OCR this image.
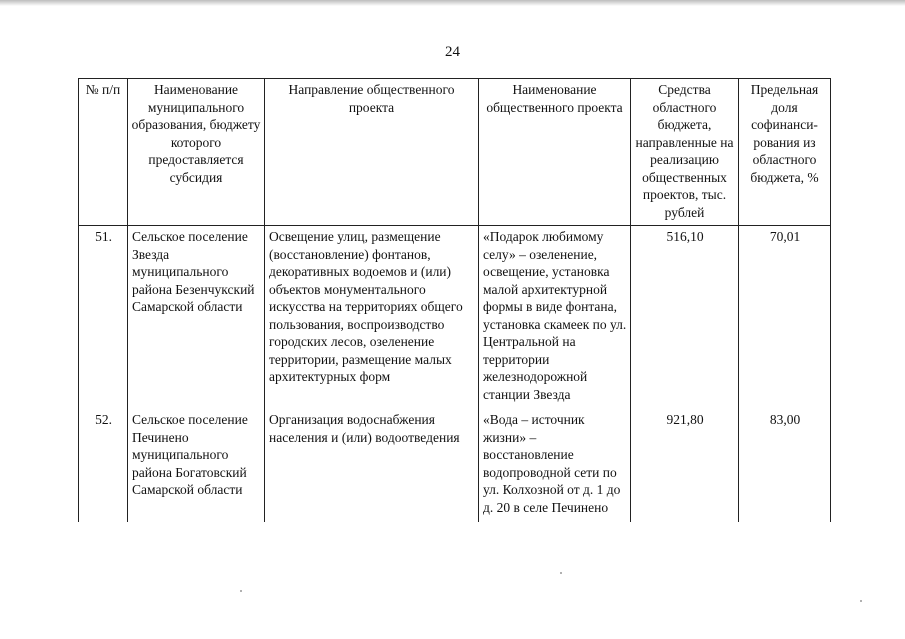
24
№ п/п	Наименование муниципального образования, бюджету которого предоставляется субсидия	Направление общественного проекта	Наименование общественного проекта	Средства областного бюджета, направленные на реализацию общественных проектов, тыс. рублей	Предельная доля софинанси-рования из областного бюджета, %
51.	Сельское поселение Звезда муниципального района Безенчукский Самарской области	Освещение улиц, размещение (восстановление) фонтанов, декоративных водоемов и (или) объектов монументального искусства на территориях общего пользования, воспроизводство городских лесов, озеленение территории, размещение малых архитектурных форм	«Подарок любимому селу» – озеленение, освещение, установка малой архитектурной формы в виде фонтана, установка скамеек по ул. Центральной на территории железнодорожной станции Звезда	516,10	70,01
52.	Сельское поселение Печинено муниципального района Богатовский Самарской области	Организация водоснабжения населения и (или) водоотведения	«Вода – источник жизни» – восстановление водопроводной сети по ул. Колхозной от д. 1 до д. 20 в селе Печинено	921,80	83,00
